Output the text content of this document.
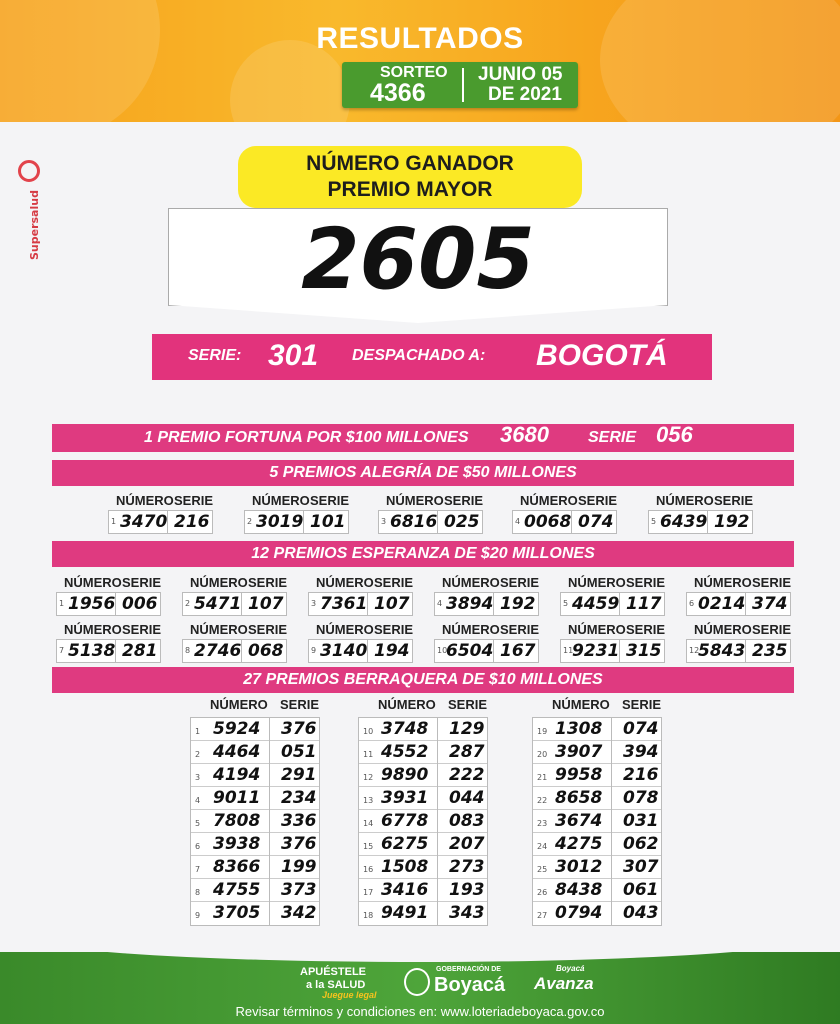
RESULTADOS
SORTEO
4366
JUNIO 05
DE 2021
Supersalud
NÚMERO GANADOR
PREMIO MAYOR
2605
SERIE: 301 DESPACHADO A: BOGOTÁ
1 PREMIO FORTUNA POR $100 MILLONES 3680 SERIE 056
5 PREMIOS ALEGRÍA DE $50 MILLONES
NÚMERO SERIE
1 3470 216
NÚMERO SERIE
2 3019 101
NÚMERO SERIE
3 6816 025
NÚMERO SERIE
4 0068 074
NÚMERO SERIE
5 6439 192
12 PREMIOS ESPERANZA DE $20 MILLONES
NÚMERO SERIE
1 1956 006
NÚMERO SERIE
2 5471 107
NÚMERO SERIE
3 7361 107
NÚMERO SERIE
4 3894 192
NÚMERO SERIE
5 4459 117
NÚMERO SERIE
6 0214 374
NÚMERO SERIE
7 5138 281
NÚMERO SERIE
8 2746 068
NÚMERO SERIE
9 3140 194
NÚMERO SERIE
10
6504 167
NÚMERO SERIE
11
9231 315
NÚMERO SERIE
12
5843 235
27 PREMIOS BERRAQUERA DE $10 MILLONES
NÚMERO SERIE
1 5924 376
2 4464 051
3 4194 291
4 9011 234
5 7808 336
6 3938 376
7 8366 199
8 4755 373
9 3705 342
NÚMERO SERIE
10 3748 129
11 4552 287
12 9890 222
13 3931 044
14 6778 083
15 6275 207
16 1508 273
17 3416 193
18 9491 343
NÚMERO SERIE
19 1308 074
20 3907 394
21 9958 216
22 8658 078
23 3674 031
24 4275 062
25 3012 307
26 8438 061
27 0794 043
APUÉSTELE
a la SALUD
Juegue legal
GOBERNACIÓN DE
Boyacá
Boyacá
Avanza
Revisar términos y condiciones en: www.loteriadeboyaca.gov.co
